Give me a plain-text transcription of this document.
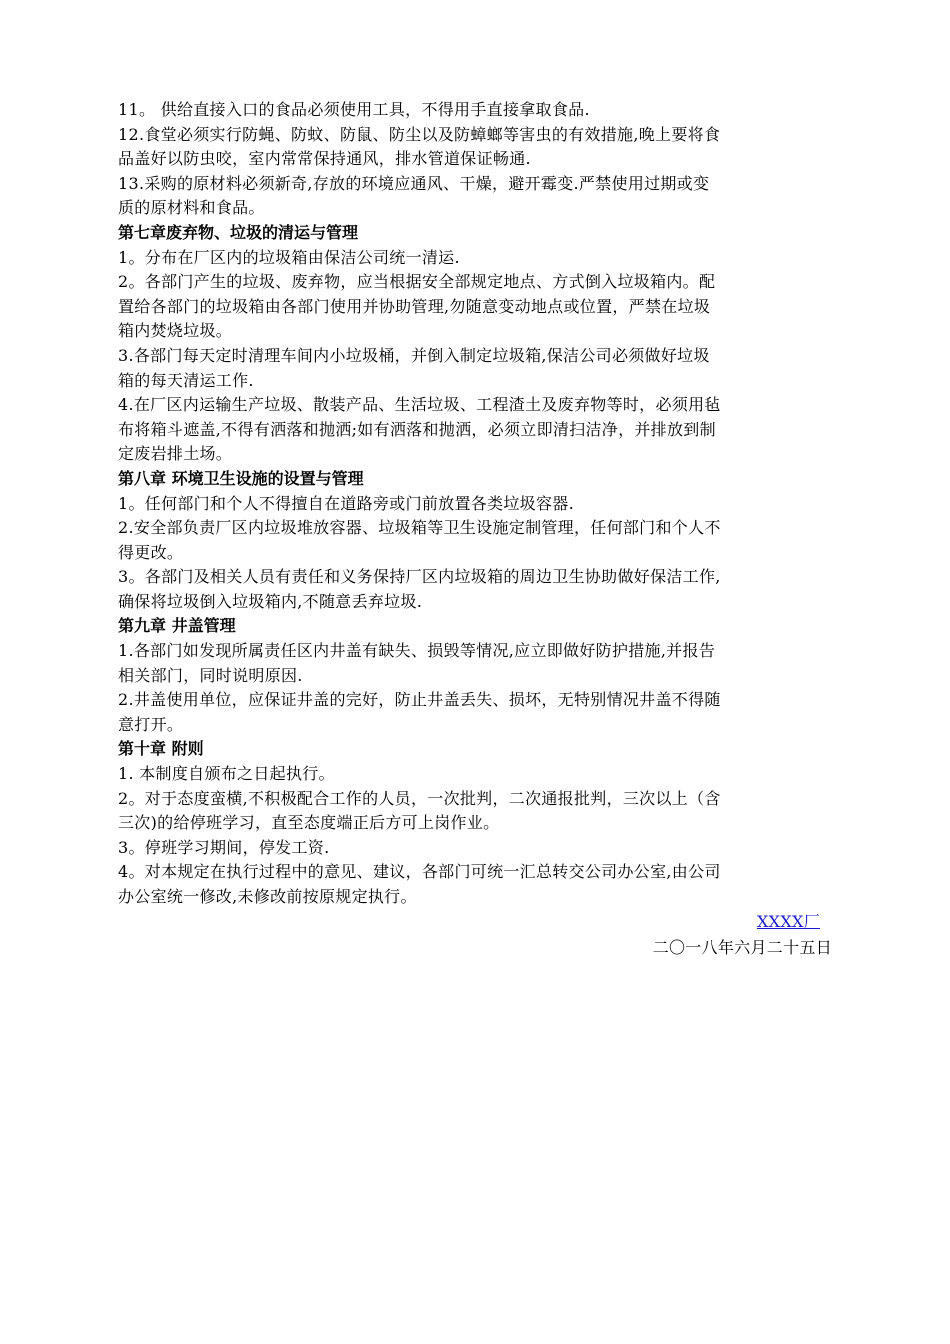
11。 供给直接入口的食品必须使用工具，不得用手直接拿取食品.
12.食堂必须实行防蝇、防蚊、防鼠、防尘以及防蟑螂等害虫的有效措施,晚上要将食
品盖好以防虫咬，室内常常保持通风，排水管道保证畅通.
13.采购的原材料必须新奇,存放的环境应通风、干燥，避开霉变.严禁使用过期或变
质的原材料和食品。
第七章废弃物、垃圾的清运与管理
1。分布在厂区内的垃圾箱由保洁公司统一清运.
2。各部门产生的垃圾、废弃物，应当根据安全部规定地点、方式倒入垃圾箱内。配
置给各部门的垃圾箱由各部门使用并协助管理,勿随意变动地点或位置，严禁在垃圾
箱内焚烧垃圾。
3.各部门每天定时清理车间内小垃圾桶，并倒入制定垃圾箱,保洁公司必须做好垃圾
箱的每天清运工作.
4.在厂区内运输生产垃圾、散装产品、生活垃圾、工程渣土及废弃物等时，必须用毡
布将箱斗遮盖,不得有洒落和抛洒;如有洒落和抛洒，必须立即清扫洁净，并排放到制
定废岩排土场。
第八章 环境卫生设施的设置与管理
1。任何部门和个人不得擅自在道路旁或门前放置各类垃圾容器.
2.安全部负责厂区内垃圾堆放容器、垃圾箱等卫生设施定制管理，任何部门和个人不
得更改。
3。各部门及相关人员有责任和义务保持厂区内垃圾箱的周边卫生协助做好保洁工作,
确保将垃圾倒入垃圾箱内,不随意丢弃垃圾.
第九章 井盖管理
1.各部门如发现所属责任区内井盖有缺失、损毁等情况,应立即做好防护措施,并报告
相关部门，同时说明原因.
2.井盖使用单位，应保证井盖的完好，防止井盖丢失、损坏，无特别情况井盖不得随
意打开。
第十章 附则
1. 本制度自颁布之日起执行。
2。对于态度蛮横,不积极配合工作的人员，一次批判，二次通报批判，三次以上（含
三次)的给停班学习，直至态度端正后方可上岗作业。
3。停班学习期间，停发工资.
4。对本规定在执行过程中的意见、建议，各部门可统一汇总转交公司办公室,由公司
办公室统一修改,未修改前按原规定执行。
XXXX厂
二〇一八年六月二十五日
